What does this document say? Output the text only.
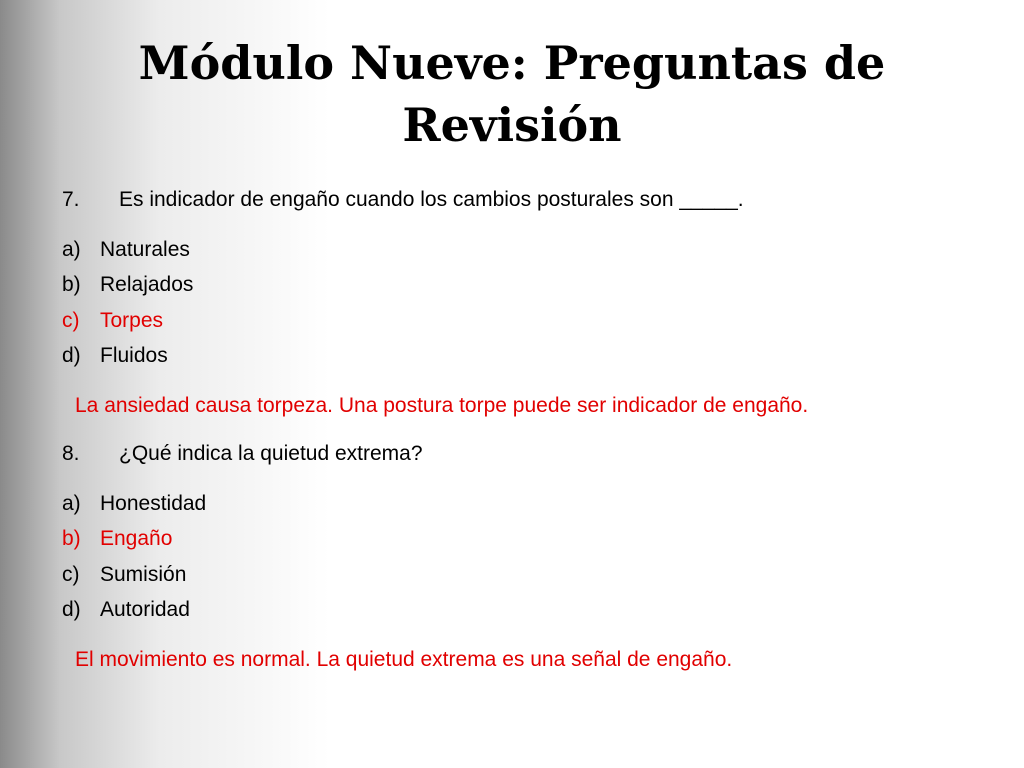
Módulo Nueve: Preguntas de
Revisión
7. Es indicador de engaño cuando los cambios posturales son _____.
a) Naturales
b) Relajados
c) Torpes
d) Fluidos
La ansiedad causa torpeza. Una postura torpe puede ser indicador de engaño.
8. ¿Qué indica la quietud extrema?
a) Honestidad
b) Engaño
c) Sumisión
d) Autoridad
El movimiento es normal. La quietud extrema es una señal de engaño.
